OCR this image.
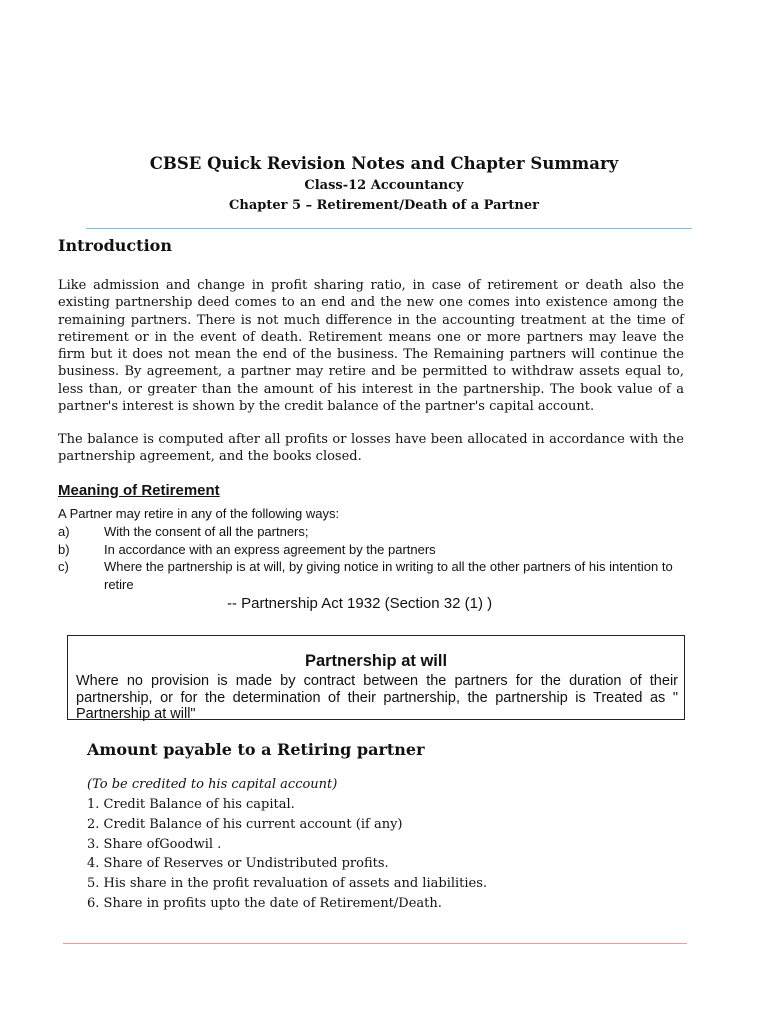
CBSE Quick Revision Notes and Chapter Summary
Class-12 Accountancy
Chapter 5 – Retirement/Death of a Partner
Introduction

Like admission and change in profit sharing ratio, in case of retirement or death also the existing partnership deed comes to an end and the new one comes into existence among the remaining partners. There is not much difference in the accounting treatment at the time of retirement or in the event of death. Retirement means one or more partners may leave the firm but it does not mean the end of the business. The Remaining partners will continue the business. By agreement, a partner may retire and be permitted to withdraw assets equal to, less than, or greater than the amount of his interest in the partnership. The book value of a partner's interest is shown by the credit balance of the partner's capital account.

The balance is computed after all profits or losses have been allocated in accordance with the partnership agreement, and the books closed.

Meaning of Retirement
A Partner may retire in any of the following ways:
a)	With the consent of all the partners;
b)	In accordance with an express agreement by the partners
c)	Where the partnership is at will, by giving notice in writing to all the other partners of his intention to retire
-- Partnership Act 1932 (Section 32 (1) )
Partnership at will

Where no provision is made by contract between the partners for the duration of their partnership, or for the determination of their partnership, the partnership is Treated as " Partnership at will"

Amount payable to a Retiring partner
(To be credited to his capital account)
1. Credit Balance of his capital.
2. Credit Balance of his current account (if any)
3. Share ofGoodwil .
4. Share of Reserves or Undistributed profits.
5. His share in the profit revaluation of assets and liabilities.
6. Share in profits upto the date of Retirement/Death.
